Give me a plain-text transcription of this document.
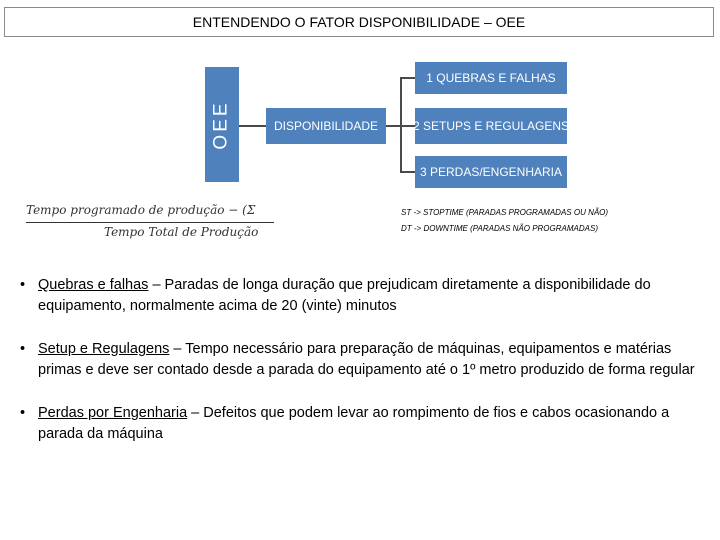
ENTENDENDO O FATOR DISPONIBILIDADE – OEE
OEE	DISPONIBILIDADE
1 QUEBRAS E FALHAS
2 SETUPS E REGULAGENS
3 PERDAS/ENGENHARIA
Tempo programado de produção − (Σ
Tempo Total de Produção
ST -> STOPTIME (PARADAS PROGRAMADAS OU NÃO)
DT -> DOWNTIME (PARADAS NÃO PROGRAMADAS)
• Quebras e falhas – Paradas de longa duração que prejudicam diretamente a disponibilidade do equipamento, normalmente acima de 20 (vinte) minutos
• Setup e Regulagens – Tempo necessário para preparação de máquinas, equipamentos e matérias primas e deve ser contado desde a parada do equipamento até o 1º metro produzido de forma regular
• Perdas por Engenharia – Defeitos que podem levar ao rompimento de fios e cabos ocasionando a parada da máquina
